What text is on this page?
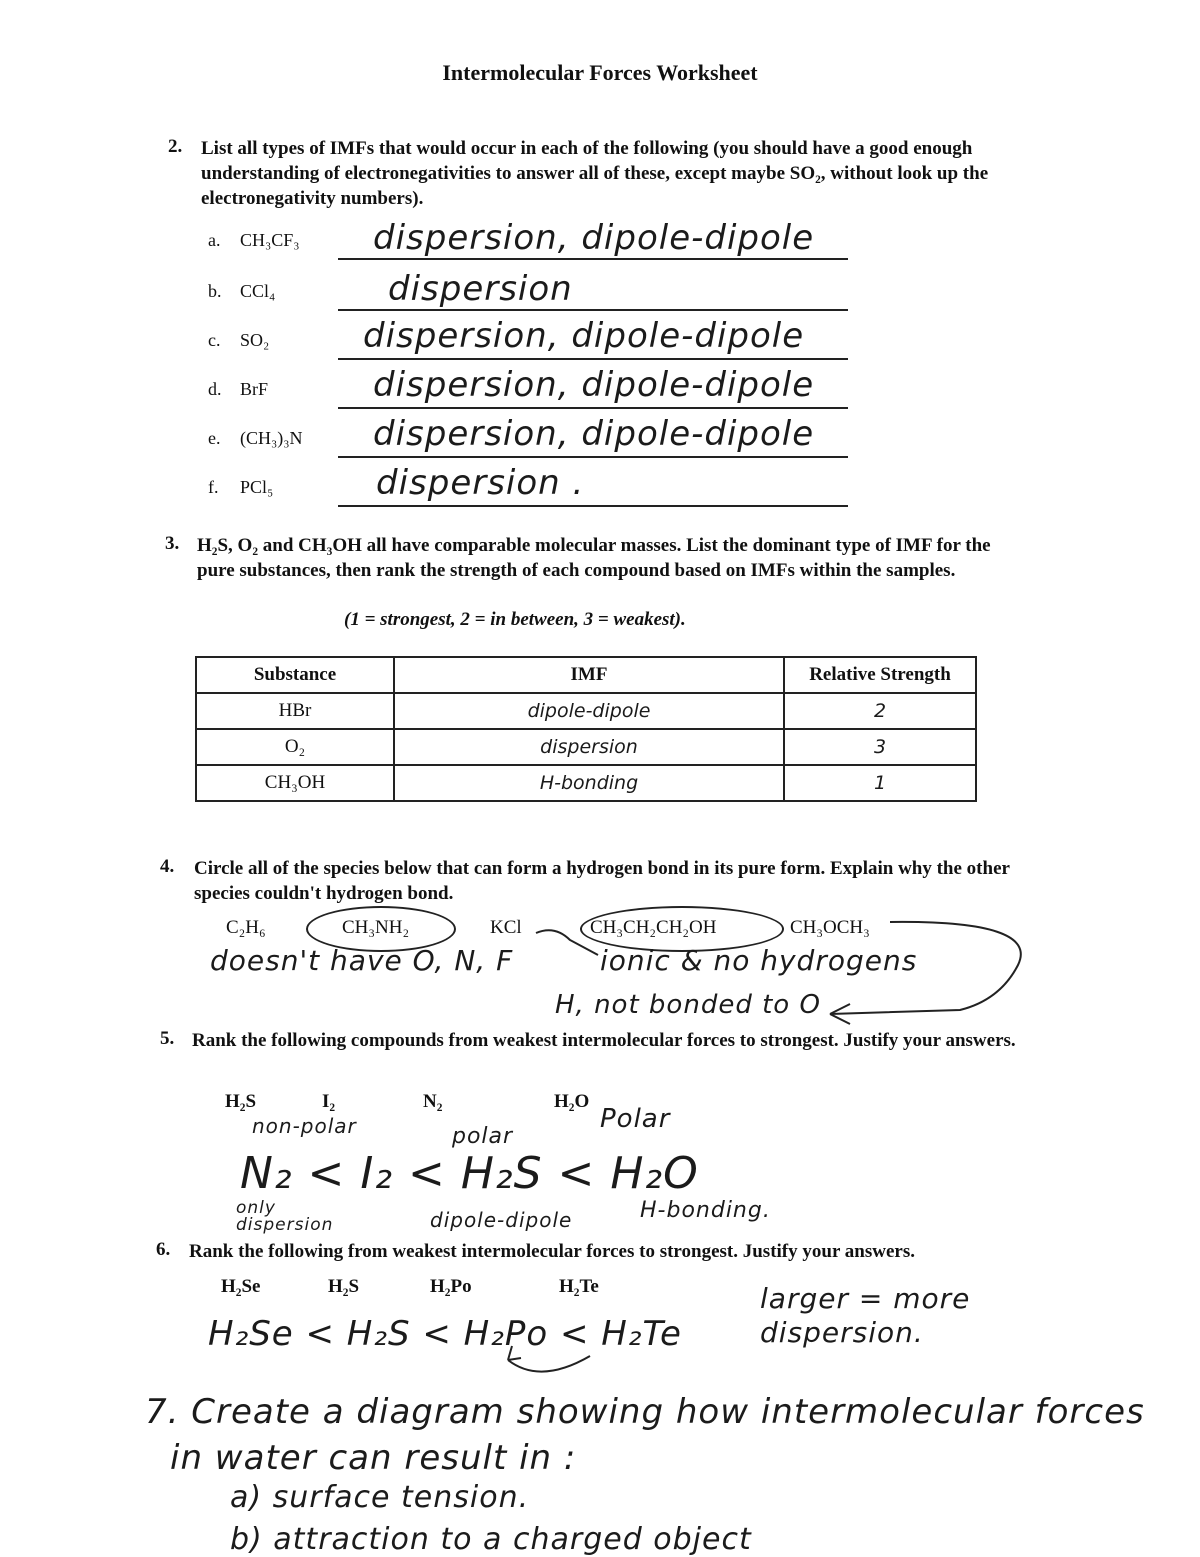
Intermolecular Forces Worksheet
2. List all types of IMFs that would occur in each of the following (you should have a good enough understanding of electronegativities to answer all of these, except maybe SO₂, without look up the electronegativity numbers).
a. CH₃CF₃ dispersion, dipole-dipole
b. CCl₄	dispersion
c. SO₂	dispersion, dipole-dipole
d. BrF	dispersion, dipole-dipole
e. (CH₃)₃N dispersion, dipole-dipole
f. PCl₅	dispersion .
3. H₂S, O₂ and CH₃OH all have comparable molecular masses. List the dominant type of IMF for the pure substances, then rank the strength of each compound based on IMFs within the samples.
(1 = strongest, 2 = in between, 3 = weakest).
Substance	IMF	Relative Strength
HBr	dipole-dipole	2
O₂	dispersion	3
CH₃OH	H-bonding	1
4. Circle all of the species below that can form a hydrogen bond in its pure form. Explain why the other species couldn't hydrogen bond.
C₂H₆	CH₃NH₂	KCl	CH₃CH₂CH₂OH	CH₃OCH₃
doesn't have O, N, F	ionic & no hydrogens
H, not bonded to O
5. Rank the following compounds from weakest intermolecular forces to strongest. Justify your answers.
H₂S	I₂	N₂	H₂O
non-polar	polar
Polar
N₂ < I₂ < H₂S < H₂O
only dispersion	dipole-dipole	H-bonding.
6. Rank the following from weakest intermolecular forces to strongest. Justify your answers.
H₂Se	H₂S	H₂Po	H₂Te
H₂Se < H₂S < H₂Po < H₂Te
larger = more dispersion.
7. Create a diagram showing how intermolecular forces
in water can result in :
a) surface tension.
b) attraction to a charged object
